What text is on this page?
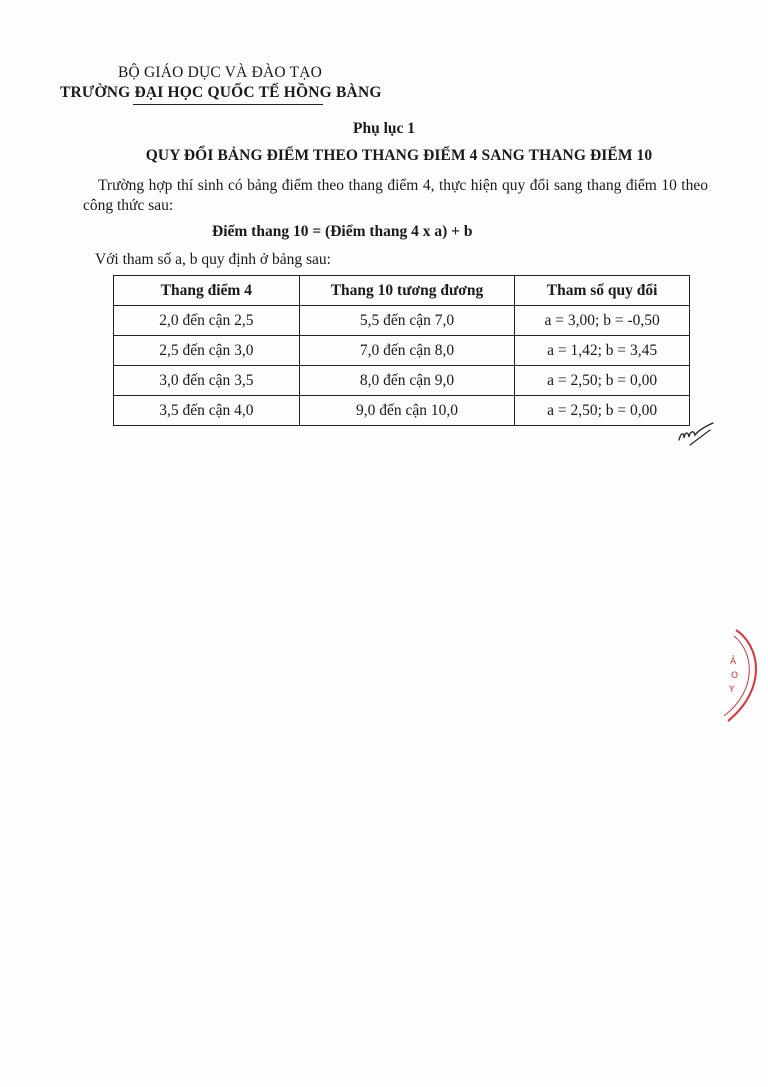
BỘ GIÁO DỤC VÀ ĐÀO TẠO
TRƯỜNG ĐẠI HỌC QUỐC TẾ HỒNG BÀNG
Phụ lục 1
QUY ĐỔI BẢNG ĐIỂM THEO THANG ĐIỂM 4 SANG THANG ĐIỂM 10
Trường hợp thí sinh có bảng điểm theo thang điểm 4, thực hiện quy đổi sang thang điểm 10 theo công thức sau:
Điểm thang 10 = (Điểm thang 4 x a) + b
Với tham số a, b quy định ở bảng sau:
Thang điểm 4	Thang 10 tương đương	Tham số quy đổi
2,0 đến cận 2,5	5,5 đến cận 7,0	a = 3,00; b = -0,50
2,5 đến cận 3,0	7,0 đến cận 8,0	a = 1,42; b = 3,45
3,0 đến cận 3,5	8,0 đến cận 9,0	a = 2,50; b = 0,00
3,5 đến cận 4,0	9,0 đến cận 10,0	a = 2,50; b = 0,00
Ả
O
Y
